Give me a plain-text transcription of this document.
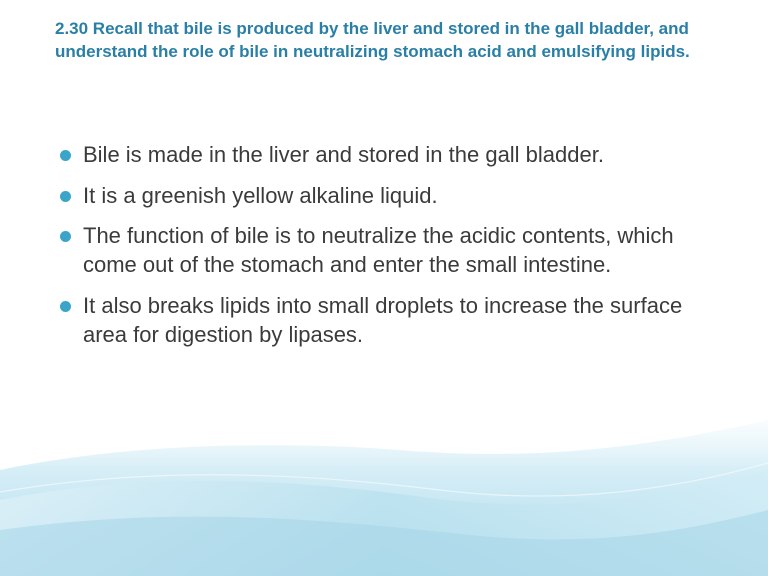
2.30 Recall that bile is produced by the liver and stored in the gall bladder, and understand the role of bile in neutralizing stomach acid and emulsifying lipids.
Bile is made in the liver and stored in the gall bladder.
It is a greenish yellow alkaline liquid.
The function of bile is to neutralize the acidic contents, which come out of the stomach and enter the small intestine.
It also breaks lipids into small droplets to increase the surface area for digestion by lipases.
